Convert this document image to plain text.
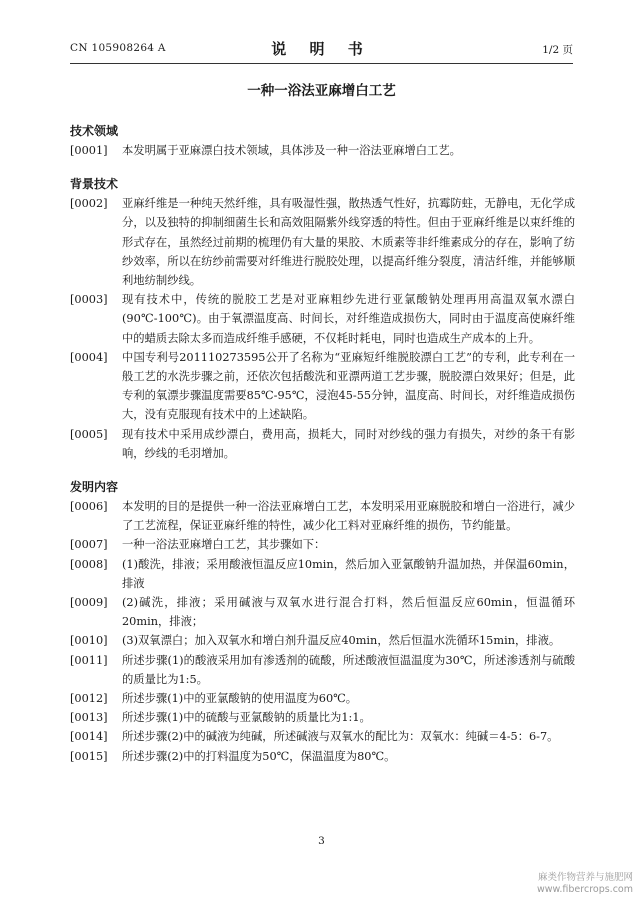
CN 105908264 A	说 明 书	1/2 页
一种一浴法亚麻增白工艺
技术领域
[0001]	本发明属于亚麻漂白技术领域，具体涉及一种一浴法亚麻增白工艺。
背景技术
[0002]	亚麻纤维是一种纯天然纤维，具有吸湿性强，散热透气性好，抗霉防蛀，无静电，无化学成分，以及独特的抑制细菌生长和高效阻隔紫外线穿透的特性。但由于亚麻纤维是以束纤维的形式存在，虽然经过前期的梳理仍有大量的果胶、木质素等非纤维素成分的存在，影响了纺纱效率，所以在纺纱前需要对纤维进行脱胶处理，以提高纤维分裂度，清洁纤维，并能够顺利地纺制纱线。
[0003]	现有技术中，传统的脱胶工艺是对亚麻粗纱先进行亚氯酸钠处理再用高温双氧水漂白(90℃-100℃)。由于氧漂温度高、时间长，对纤维造成损伤大，同时由于温度高使麻纤维中的蜡质去除太多而造成纤维手感硬，不仅耗时耗电，同时也造成生产成本的上升。
[0004]	中国专利号201110273595公开了名称为“亚麻短纤维脱胶漂白工艺”的专利，此专利在一般工艺的水洗步骤之前，还依次包括酸洗和亚漂两道工艺步骤，脱胶漂白效果好；但是，此专利的氧漂步骤温度需要85℃-95℃，浸泡45-55分钟，温度高、时间长，对纤维造成损伤大，没有克服现有技术中的上述缺陷。
[0005]	现有技术中采用成纱漂白，费用高，损耗大，同时对纱线的强力有损失，对纱的条干有影响，纱线的毛羽增加。
发明内容
[0006]	本发明的目的是提供一种一浴法亚麻增白工艺，本发明采用亚麻脱胶和增白一浴进行，减少了工艺流程，保证亚麻纤维的特性，减少化工料对亚麻纤维的损伤，节约能量。
[0007]	一种一浴法亚麻增白工艺，其步骤如下：
[0008]	(1)酸洗，排液；采用酸液恒温反应10min，然后加入亚氯酸钠升温加热，并保温60min，排液
[0009]	(2)碱洗，排液；采用碱液与双氧水进行混合打料，然后恒温反应60min，恒温循环20min，排液；
[0010]	(3)双氧漂白；加入双氧水和增白剂升温反应40min，然后恒温水洗循环15min，排液。
[0011]	所述步骤(1)的酸液采用加有渗透剂的硫酸，所述酸液恒温温度为30℃，所述渗透剂与硫酸的质量比为1:5。
[0012]	所述步骤(1)中的亚氯酸钠的使用温度为60℃。
[0013]	所述步骤(1)中的硫酸与亚氯酸钠的质量比为1:1。
[0014]	所述步骤(2)中的碱液为纯碱，所述碱液与双氧水的配比为：双氧水：纯碱＝4-5：6-7。
[0015]	所述步骤(2)中的打料温度为50℃，保温温度为80℃。
3
麻类作物营养与施肥网
www.fibercrops.com
